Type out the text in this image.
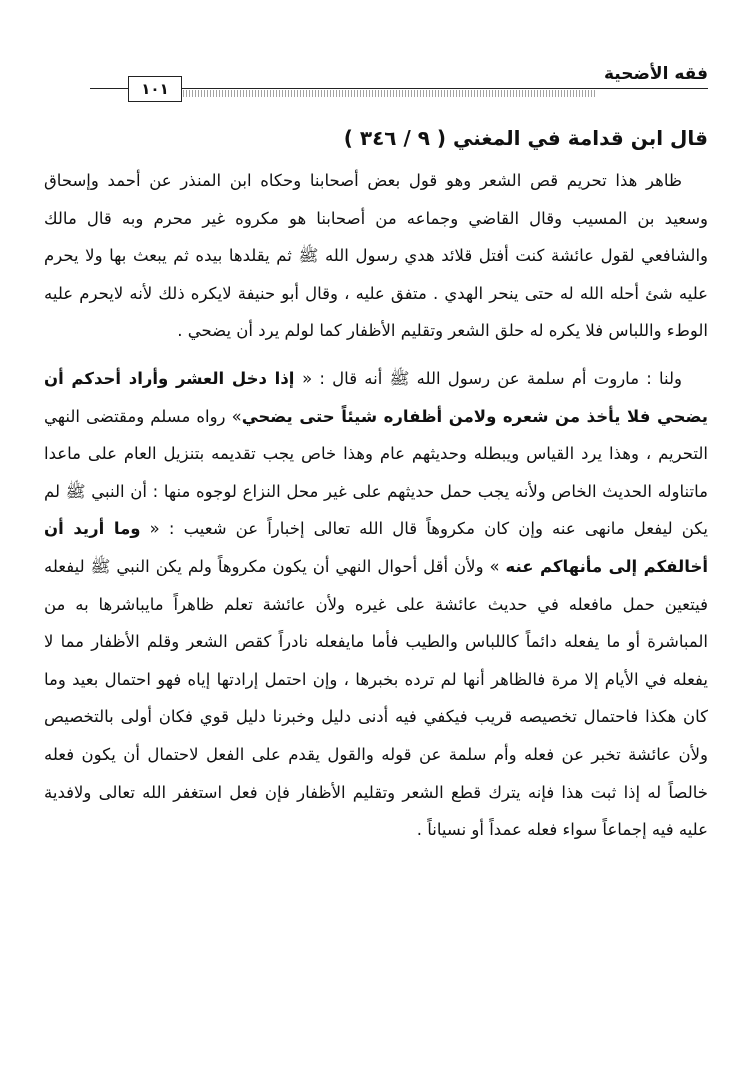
فقه الأضحية
١٠١
قال ابن قدامة في المغني ( ٩ / ٣٤٦ )

ظاهر هذا تحريم قص الشعر وهو قول بعض أصحابنا وحكاه ابن المنذر عن أحمد وإسحاق وسعيد بن المسيب وقال القاضي وجماعه من أصحابنا هو مكروه غير محرم وبه قال مالك والشافعي لقول عائشة كنت أفتل قلائد هدي رسول الله ﷺ ثم يقلدها بيده ثم يبعث بها ولا يحرم عليه شئ أحله الله له حتى ينحر الهدي . متفق عليه ، وقال أبو حنيفة لايكره ذلك لأنه لايحرم عليه الوطء واللباس فلا يكره له حلق الشعر وتقليم الأظفار كما لولم يرد أن يضحي .

ولنا : ماروت أم سلمة عن رسول الله ﷺ أنه قال : « إذا دخل العشر وأراد أحدكم أن يضحي فلا يأخذ من شعره ولامن أظفاره شيئاً حتى يضحي» رواه مسلم ومقتضى النهي التحريم ، وهذا يرد القياس ويبطله وحديثهم عام وهذا خاص يجب تقديمه بتنزيل العام على ماعدا ماتناوله الحديث الخاص ولأنه يجب حمل حديثهم على غير محل النزاع لوجوه منها : أن النبي ﷺ لم يكن ليفعل مانهى عنه وإن كان مكروهاً قال الله تعالى إخباراً عن شعيب : « وما أريد أن أخالفكم إلى مأنهاكم عنه » ولأن أقل أحوال النهي أن يكون مكروهاً ولم يكن النبي ﷺ ليفعله فيتعين حمل مافعله في حديث عائشة على غيره ولأن عائشة تعلم ظاهراً مايباشرها به من المباشرة أو ما يفعله دائماً كاللباس والطيب فأما مايفعله نادراً كقص الشعر وقلم الأظفار مما لا يفعله في الأيام إلا مرة فالظاهر أنها لم ترده بخبرها ، وإن احتمل إرادتها إياه فهو احتمال بعيد وما كان هكذا فاحتمال تخصيصه قريب فيكفي فيه أدنى دليل وخبرنا دليل قوي فكان أولى بالتخصيص ولأن عائشة تخبر عن فعله وأم سلمة عن قوله والقول يقدم على الفعل لاحتمال أن يكون فعله خالصاً له إذا ثبت هذا فإنه يترك قطع الشعر وتقليم الأظفار فإن فعل استغفر الله تعالى ولافدية عليه فيه إجماعاً سواء فعله عمداً أو نسياناً .
